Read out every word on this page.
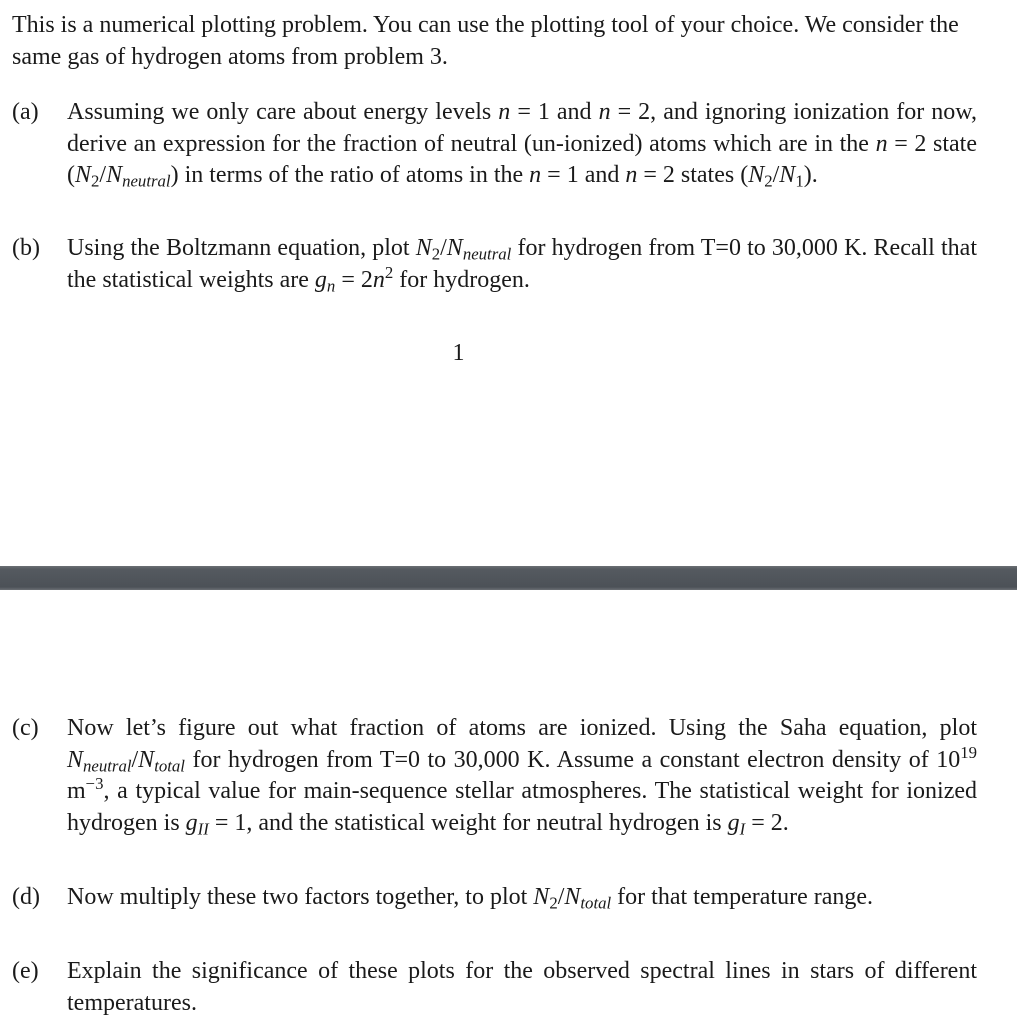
This is a numerical plotting problem. You can use the plotting tool of your choice. We consider the same gas of hydrogen atoms from problem 3.
(a)	Assuming we only care about energy levels n = 1 and n = 2, and ignoring ionization for now, derive an expression for the fraction of neutral (un-ionized) atoms which are in the n = 2 state $(N_2/N_{neutral})$ in terms of the ratio of atoms in the n = 1 and n = 2 states $(N_2/N_1)$.
(b)	Using the Boltzmann equation, plot $N_2/N_{neutral}$ for hydrogen from T=0 to 30,000 K. Recall that the statistical weights are $g_n = 2n^2$ for hydrogen.
1
(c)	Now let’s figure out what fraction of atoms are ionized. Using the Saha equation, plot $N_{neutral}/N_{total}$ for hydrogen from T=0 to 30,000 K. Assume a constant electron density of $10^{19}$ $m^{-3}$, a typical value for main-sequence stellar atmospheres. The statistical weight for ionized hydrogen is $g_{II} = 1$, and the statistical weight for neutral hydrogen is $g_I = 2$.
(d)	Now multiply these two factors together, to plot $N_2/N_{total}$ for that temperature range.
(e)	Explain the significance of these plots for the observed spectral lines in stars of different temperatures.
